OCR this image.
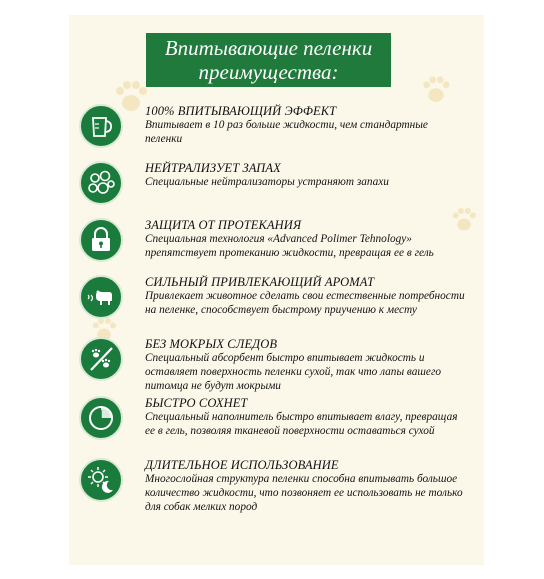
Впитывающие пеленки
преимущества:
100% ВПИТЫВАЮЩИЙ ЭФФЕКТ
Впитывает в 10 раз больше жидкости, чем стандартные пеленки
НЕЙТРАЛИЗУЕТ ЗАПАХ
Специальные нейтрализаторы устраняют запахи
ЗАЩИТА ОТ ПРОТЕКАНИЯ
Специальная технология «Advanced Polimer Tehnology» препятствует протеканию жидкости, превращая ее в гель
СИЛЬНЫЙ ПРИВЛЕКАЮЩИЙ АРОМАТ
Привлекает животное сделать свои естественные потребности на пеленке, способствует быстрому приучению к месту
БЕЗ МОКРЫХ СЛЕДОВ
Специальный абсорбент быстро впитывает жидкость и оставляет поверхность пеленки сухой, так что лапы вашего питомца не будут мокрыми
БЫСТРО СОХНЕТ
Специальный наполнитель быстро впитывает влагу, превращая ее в гель, позволяя тканевой поверхности оставаться сухой
ДЛИТЕЛЬНОЕ ИСПОЛЬЗОВАНИЕ
Многослойная структура пеленки способна впитывать большое количество жидкости, что позвоняет ее использовать не только для собак мелких пород
